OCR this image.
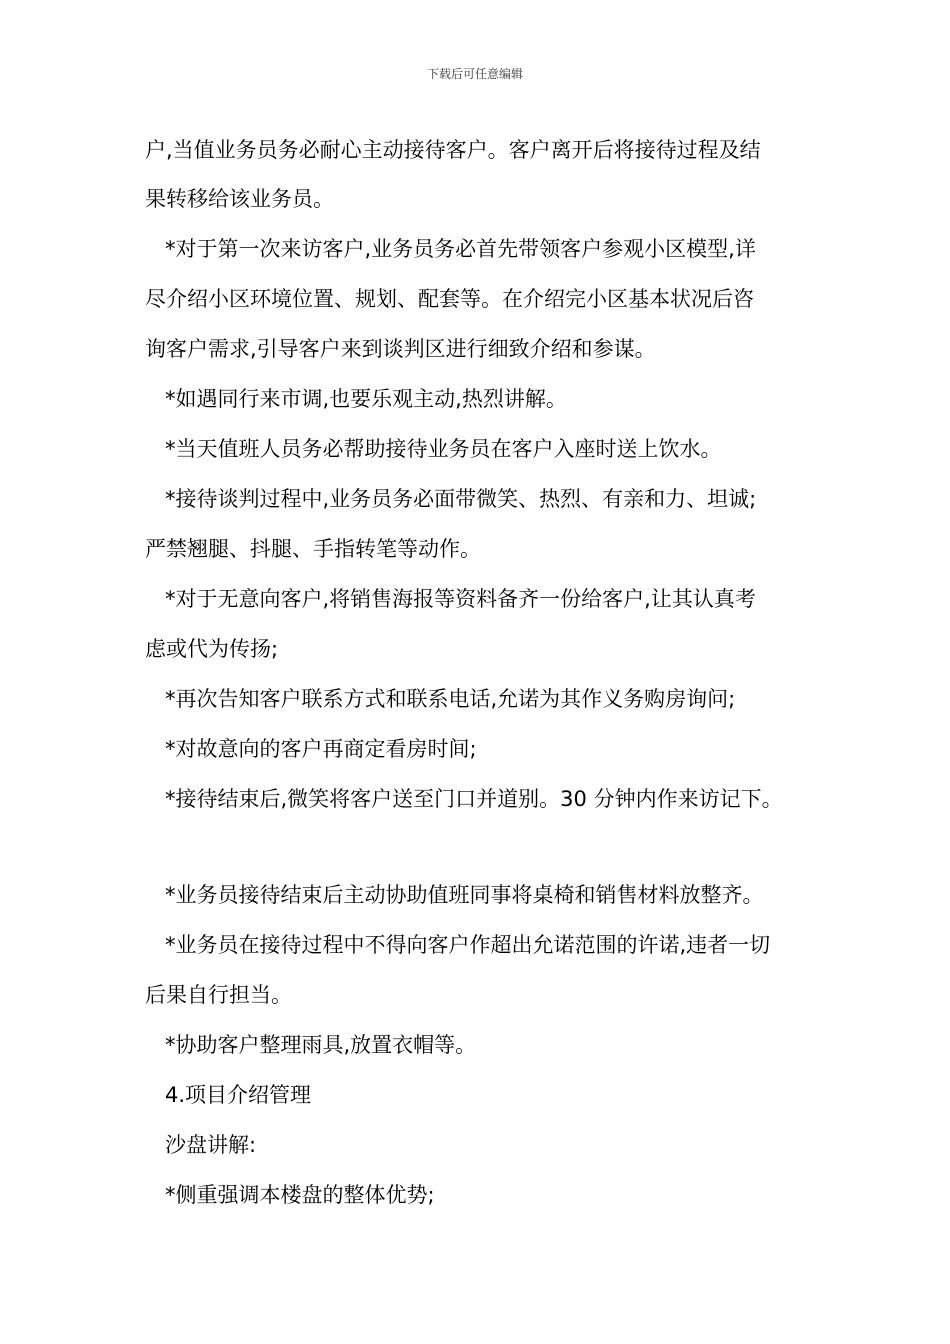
下载后可任意编辑
户,当值业务员务必耐心主动接待客户。客户离开后将接待过程及结
果转移给该业务员。
*对于第一次来访客户,业务员务必首先带领客户参观小区模型,详
尽介绍小区环境位置、规划、配套等。在介绍完小区基本状况后咨
询客户需求,引导客户来到谈判区进行细致介绍和参谋。
*如遇同行来市调,也要乐观主动,热烈讲解。
*当天值班人员务必帮助接待业务员在客户入座时送上饮水。
*接待谈判过程中,业务员务必面带微笑、热烈、有亲和力、坦诚;
严禁翘腿、抖腿、手指转笔等动作。
*对于无意向客户,将销售海报等资料备齐一份给客户,让其认真考
虑或代为传扬;
*再次告知客户联系方式和联系电话,允诺为其作义务购房询问;
*对故意向的客户再商定看房时间;
*接待结束后,微笑将客户送至门口并道别。30 分钟内作来访记下。
*业务员接待结束后主动协助值班同事将桌椅和销售材料放整齐。
*业务员在接待过程中不得向客户作超出允诺范围的许诺,违者一切
后果自行担当。
*协助客户整理雨具,放置衣帽等。
4.项目介绍管理
沙盘讲解:
*侧重强调本楼盘的整体优势;
